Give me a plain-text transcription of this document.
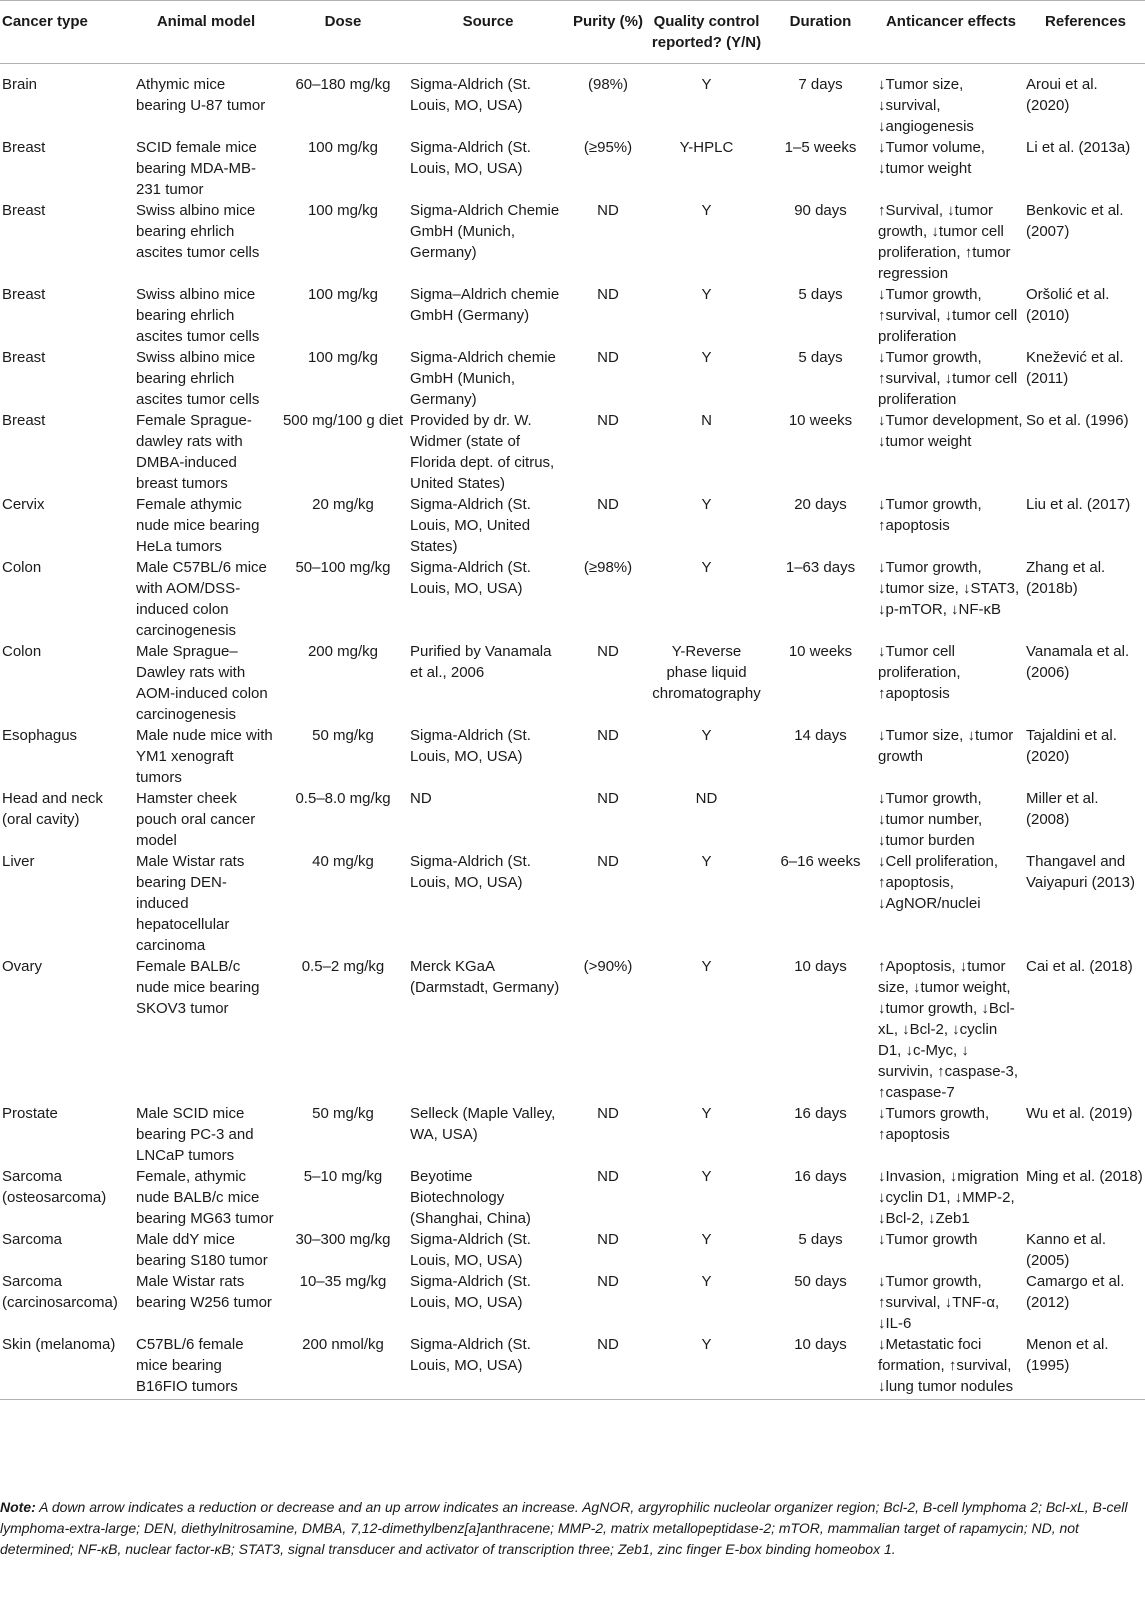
Cancer type	Animal model	Dose	Source	Purity (%)	Quality control reported? (Y/N)	Duration	Anticancer effects	References
Brain	Athymic mice bearing U-87 tumor	60–180 mg/kg	Sigma-Aldrich (St. Louis, MO, USA)	(98%)	Y	7 days	↓Tumor size, ↓survival, ↓angiogenesis	Aroui et al. (2020)
Breast	SCID female mice bearing MDA-MB-231 tumor	100 mg/kg	Sigma-Aldrich (St. Louis, MO, USA)	(≥95%)	Y-HPLC	1–5 weeks	↓Tumor volume, ↓tumor weight	Li et al. (2013a)
Breast	Swiss albino mice bearing ehrlich ascites tumor cells	100 mg/kg	Sigma-Aldrich Chemie GmbH (Munich, Germany)	ND	Y	90 days	↑Survival, ↓tumor growth, ↓tumor cell proliferation, ↑tumor regression	Benkovic et al. (2007)
Breast	Swiss albino mice bearing ehrlich ascites tumor cells	100 mg/kg	Sigma–Aldrich chemie GmbH (Germany)	ND	Y	5 days	↓Tumor growth, ↑survival, ↓tumor cell proliferation	Oršolić et al. (2010)
Breast	Swiss albino mice bearing ehrlich ascites tumor cells	100 mg/kg	Sigma-Aldrich chemie GmbH (Munich, Germany)	ND	Y	5 days	↓Tumor growth, ↑survival, ↓tumor cell proliferation	Knežević et al. (2011)
Breast	Female Sprague-dawley rats with DMBA-induced breast tumors	500 mg/100 g diet	Provided by dr. W. Widmer (state of Florida dept. of citrus, United States)	ND	N	10 weeks	↓Tumor development, ↓tumor weight	So et al. (1996)
Cervix	Female athymic nude mice bearing HeLa tumors	20 mg/kg	Sigma-Aldrich (St. Louis, MO, United States)	ND	Y	20 days	↓Tumor growth, ↑apoptosis	Liu et al. (2017)
Colon	Male C57BL/6 mice with AOM/DSS-induced colon carcinogenesis	50–100 mg/kg	Sigma-Aldrich (St. Louis, MO, USA)	(≥98%)	Y	1–63 days	↓Tumor growth, ↓tumor size, ↓STAT3, ↓p-mTOR, ↓NF-κB	Zhang et al. (2018b)
Colon	Male Sprague–Dawley rats with AOM-induced colon carcinogenesis	200 mg/kg	Purified by Vanamala et al., 2006	ND	Y-Reverse phase liquid chromatography	10 weeks	↓Tumor cell proliferation, ↑apoptosis	Vanamala et al. (2006)
Esophagus	Male nude mice with YM1 xenograft tumors	50 mg/kg	Sigma-Aldrich (St. Louis, MO, USA)	ND	Y	14 days	↓Tumor size, ↓tumor growth	Tajaldini et al. (2020)
Head and neck (oral cavity)	Hamster cheek pouch oral cancer model	0.5–8.0 mg/kg	ND	ND	ND		↓Tumor growth, ↓tumor number, ↓tumor burden	Miller et al. (2008)
Liver	Male Wistar rats bearing DEN-induced hepatocellular carcinoma	40 mg/kg	Sigma-Aldrich (St. Louis, MO, USA)	ND	Y	6–16 weeks	↓Cell proliferation, ↑apoptosis, ↓AgNOR/nuclei	Thangavel and Vaiyapuri (2013)
Ovary	Female BALB/c nude mice bearing SKOV3 tumor	0.5–2 mg/kg	Merck KGaA (Darmstadt, Germany)	(>90%)	Y	10 days	↑Apoptosis, ↓tumor size, ↓tumor weight, ↓tumor growth, ↓Bcl-xL, ↓Bcl-2, ↓cyclin D1, ↓c-Myc, ↓ survivin, ↑caspase-3, ↑caspase-7	Cai et al. (2018)
Prostate	Male SCID mice bearing PC-3 and LNCaP tumors	50 mg/kg	Selleck (Maple Valley, WA, USA)	ND	Y	16 days	↓Tumors growth, ↑apoptosis	Wu et al. (2019)
Sarcoma (osteosarcoma)	Female, athymic nude BALB/c mice bearing MG63 tumor	5–10 mg/kg	Beyotime Biotechnology (Shanghai, China)	ND	Y	16 days	↓Invasion, ↓migration ↓cyclin D1, ↓MMP-2, ↓Bcl-2, ↓Zeb1	Ming et al. (2018)
Sarcoma	Male ddY mice bearing S180 tumor	30–300 mg/kg	Sigma-Aldrich (St. Louis, MO, USA)	ND	Y	5 days	↓Tumor growth	Kanno et al. (2005)
Sarcoma (carcinosarcoma)	Male Wistar rats bearing W256 tumor	10–35 mg/kg	Sigma-Aldrich (St. Louis, MO, USA)	ND	Y	50 days	↓Tumor growth, ↑survival, ↓TNF-α, ↓IL-6	Camargo et al. (2012)
Skin (melanoma)	C57BL/6 female mice bearing B16FIO tumors	200 nmol/kg	Sigma-Aldrich (St. Louis, MO, USA)	ND	Y	10 days	↓Metastatic foci formation, ↑survival, ↓lung tumor nodules	Menon et al. (1995)
Note: A down arrow indicates a reduction or decrease and an up arrow indicates an increase. AgNOR, argyrophilic nucleolar organizer region; Bcl-2, B-cell lymphoma 2; Bcl-xL, B-cell lymphoma-extra-large; DEN, diethylnitrosamine, DMBA, 7,12-dimethylbenz[a]anthracene; MMP-2, matrix metallopeptidase-2; mTOR, mammalian target of rapamycin; ND, not determined; NF-κB, nuclear factor-κB; STAT3, signal transducer and activator of transcription three; Zeb1, zinc finger E-box binding homeobox 1.
